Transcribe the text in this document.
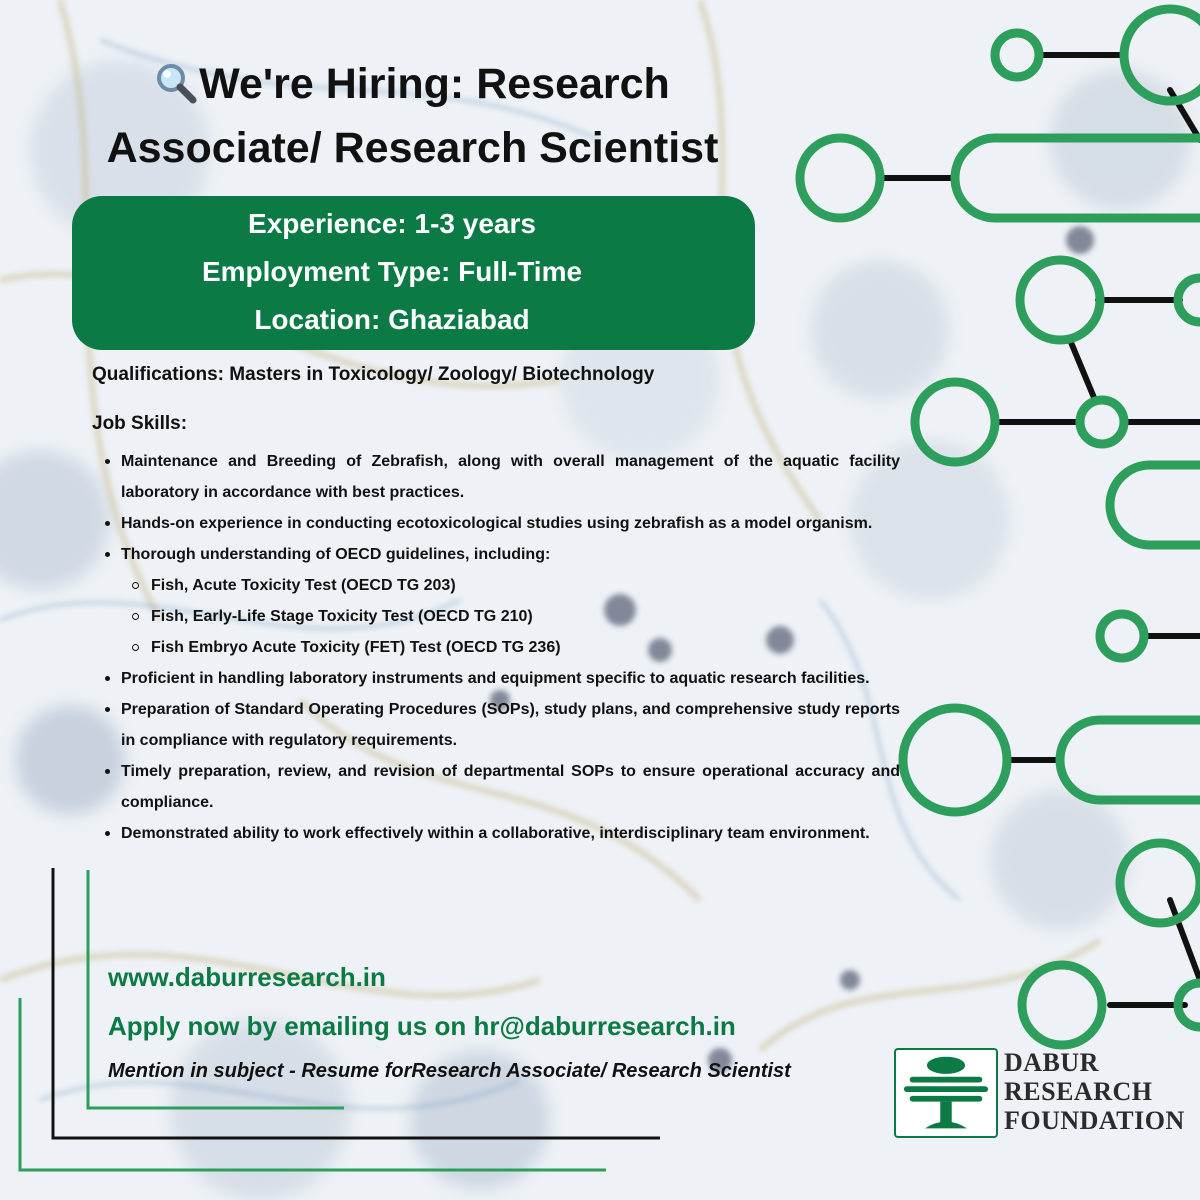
We're Hiring: Research
Associate/ Research Scientist
Experience: 1-3 years
Employment Type: Full-Time
Location: Ghaziabad
Qualifications: Masters in Toxicology/ Zoology/ Biotechnology
Job Skills:
Maintenance and Breeding of Zebrafish, along with overall management of the aquatic facility laboratory in accordance with best practices.
Hands-on experience in conducting ecotoxicological studies using zebrafish as a model organism.
Thorough understanding of OECD guidelines, including:
Fish, Acute Toxicity Test (OECD TG 203)
Fish, Early-Life Stage Toxicity Test (OECD TG 210)
Fish Embryo Acute Toxicity (FET) Test (OECD TG 236)
Proficient in handling laboratory instruments and equipment specific to aquatic research facilities.
Preparation of Standard Operating Procedures (SOPs), study plans, and comprehensive study reports in compliance with regulatory requirements.
Timely preparation, review, and revision of departmental SOPs to ensure operational accuracy and compliance.
Demonstrated ability to work effectively within a collaborative, interdisciplinary team environment.
www.daburresearch.in
Apply now by emailing us on hr@daburresearch.in
Mention in subject - Resume forResearch Associate/ Research Scientist	DABUR
RESEARCH
FOUNDATION
